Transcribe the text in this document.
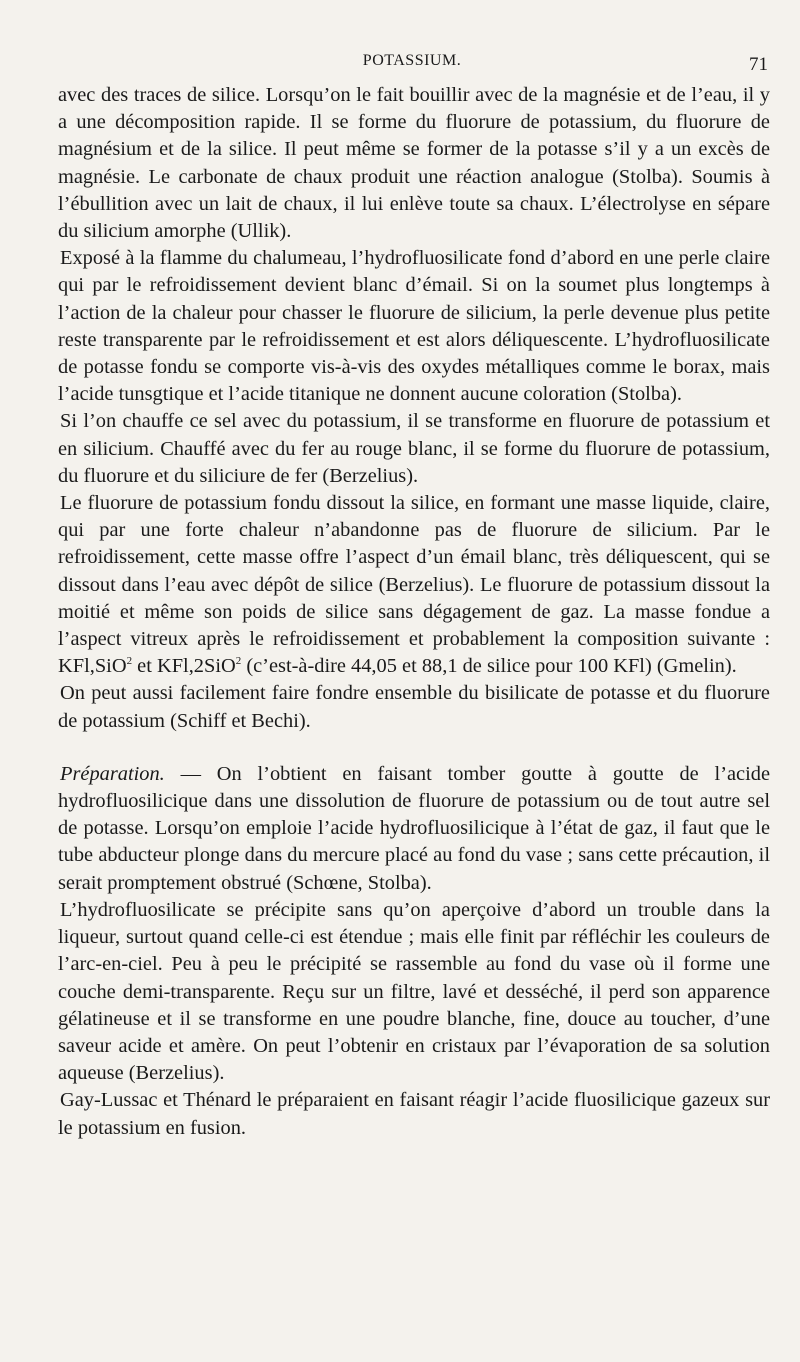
POTASSIUM.	71

avec des traces de silice. Lorsqu’on le fait bouillir avec de la magnésie et de l’eau, il y a une décomposition rapide. Il se forme du fluorure de potassium, du fluorure de magnésium et de la silice. Il peut même se former de la potasse s’il y a un excès de magnésie. Le carbonate de chaux produit une réaction analogue (Stolba). Soumis à l’ébullition avec un lait de chaux, il lui enlève toute sa chaux. L’électrolyse en sépare du silicium amorphe (Ullik).

Exposé à la flamme du chalumeau, l’hydrofluosilicate fond d’abord en une perle claire qui par le refroidissement devient blanc d’émail. Si on la soumet plus longtemps à l’action de la chaleur pour chasser le fluorure de silicium, la perle devenue plus petite reste transparente par le refroidissement et est alors déliquescente. L’hydrofluosilicate de potasse fondu se comporte vis-à-vis des oxydes métalliques comme le borax, mais l’acide tunsgtique et l’acide titanique ne donnent aucune coloration (Stolba).

Si l’on chauffe ce sel avec du potassium, il se transforme en fluorure de potassium et en silicium. Chauffé avec du fer au rouge blanc, il se forme du fluorure de potassium, du fluorure et du siliciure de fer (Berzelius).

Le fluorure de potassium fondu dissout la silice, en formant une masse liquide, claire, qui par une forte chaleur n’abandonne pas de fluorure de silicium. Par le refroidissement, cette masse offre l’aspect d’un émail blanc, très déliquescent, qui se dissout dans l’eau avec dépôt de silice (Berzelius). Le fluorure de potassium dissout la moitié et même son poids de silice sans dégagement de gaz. La masse fondue a l’aspect vitreux après le refroidissement et probablement la composition suivante : KFl,SiO$^2$ et KFl,2SiO$^2$ (c’est-à-dire 44,05 et 88,1 de silice pour 100 KFl) (Gmelin).

On peut aussi facilement faire fondre ensemble du bisilicate de potasse et du fluorure de potassium (Schiff et Bechi).

Préparation. — On l’obtient en faisant tomber goutte à goutte de l’acide hydrofluosilicique dans une dissolution de fluorure de potassium ou de tout autre sel de potasse. Lorsqu’on emploie l’acide hydrofluosilicique à l’état de gaz, il faut que le tube abducteur plonge dans du mercure placé au fond du vase ; sans cette précaution, il serait promptement obstrué (Schœne, Stolba).

L’hydrofluosilicate se précipite sans qu’on aperçoive d’abord un trouble dans la liqueur, surtout quand celle-ci est étendue ; mais elle finit par réfléchir les couleurs de l’arc-en-ciel. Peu à peu le précipité se rassemble au fond du vase où il forme une couche demi-transparente. Reçu sur un filtre, lavé et desséché, il perd son apparence gélatineuse et il se transforme en une poudre blanche, fine, douce au toucher, d’une saveur acide et amère. On peut l’obtenir en cristaux par l’évaporation de sa solution aqueuse (Berzelius).

Gay-Lussac et Thénard le préparaient en faisant réagir l’acide fluosilicique gazeux sur le potassium en fusion.
